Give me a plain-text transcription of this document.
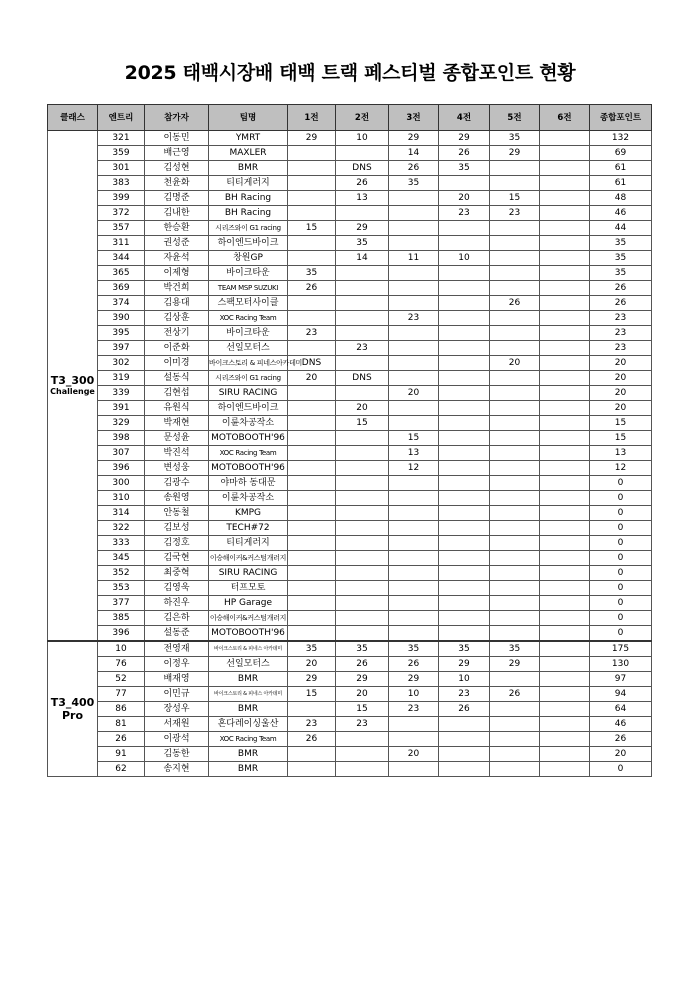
2025 태백시장배 태백 트랙 페스티벌 종합포인트 현황
클래스	엔트리	참가자	팀명	1전	2전	3전	4전	5전	6전	종합포인트

T3_300
Challenge	321	이동민	YMRT	29	10	29	29	35		132
	359	배근영	MAXLER			14	26	29		69
	301	김성현	BMR		DNS	26	35			61
	383	천윤화	티티게러지		26	35				61
	399	김명준	BH Racing		13		20	15		48
	372	김내한	BH Racing				23	23		46
	357	한승환	시리즈와이 G1 racing	15	29					44
	311	권성준	하이엔드바이크		35					35
	344	자윤석	창원GP		14	11	10			35
	365	이제형	바이크타운	35						35
	369	박건희	TEAM MSP SUZUKI	26						26
	374	김용대	스팩모터사이클					26		26
	390	김상훈	XOC Racing Team			23				23
	395	전상기	바이크타운	23						23
	397	이준화	선일모터스		23					23
	302	이미경	바이크스토리 & 피네스아카데미	DNS				20		20
	319	설동식	시리즈와이 G1 racing	20	DNS					20
	339	김현섭	SIRU RACING			20				20
	391	유원식	하이엔드바이크		20					20
	329	박재현	이륜차공작소		15					15
	398	문성윤	MOTOBOOTH'96			15				15
	307	박진석	XOC Racing Team			13				13
	396	변성웅	MOTOBOOTH'96			12				12
	300	김광수	야마하 동대문							0
	310	송원영	이륜차공작소							0
	314	안동철	KMPG							0
	322	김보성	TECH#72							0
	333	김정호	티티게러지							0
	345	김국현	이승해이커&커스텀개러지							0
	352	최중혁	SIRU RACING							0
	353	김영욱	터프모토							0
	377	하진우	HP Garage							0
	385	김은하	이승해이커&커스텀개러지							0
	396	설동준	MOTOBOOTH'96							0

T3_400
Pro	10	전영재	바이크스토리 & 피네스 아카데미	35	35	35	35	35		175
	76	이정우	선일모터스	20	26	26	29	29		130
	52	배재영	BMR	29	29	29	10			97
	77	이민규	바이크스토리 & 피네스 아카데미	15	20	10	23	26		94
	86	장성우	BMR		15	23	26			64
	81	서재원	혼다레이싱울산	23	23					46
	26	이광석	XOC Racing Team	26						26
	91	김동한	BMR			20				20
	62	송지현	BMR							0
